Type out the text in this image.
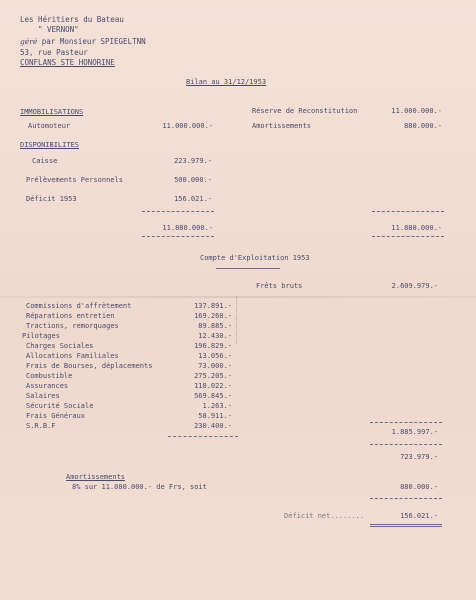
Les Héritiers du Bateau
" VERNON"
géré par Monsieur SPIEGELTNN
53, rue Pasteur
CONFLANS STE HONORINE
Bilan au 31/12/1953
IMMOBILISATIONS
Automoteur	11.000.000.-
DISPONIBILITES
Caisse	223.979.-
Prélèvements Personnels	500.000.-
Déficit 1953	156.021.-
11.880.000.-
Réserve de Reconstitution	11.000.000.-
Amortissements	880.000.-
11.880.000.-
Compte d'Exploitation 1953
Frêts bruts	2.609.979.-
Commissions d'affrètement	137.891.-
Réparations entretien	169.260.-
Tractions, remorquages	89.885.-
Pilotages	12.430.-
Charges Sociales	196.829.-
Allocations Familiales	13.056.-
Frais de Bourses, déplacements	73.000.-
Combustible	275.205.-
Assurances	118.022.-
Salaires	569.845.-
Sécurité Sociale	1.263.-
Frais Généraux	58.911.-
S.R.B.F	230.400.-
1.885.997.-
723.979.-
Amortissements
8% sur 11.000.000.- de Frs, soit	880.000.-
Déficit net........	156.021.-
